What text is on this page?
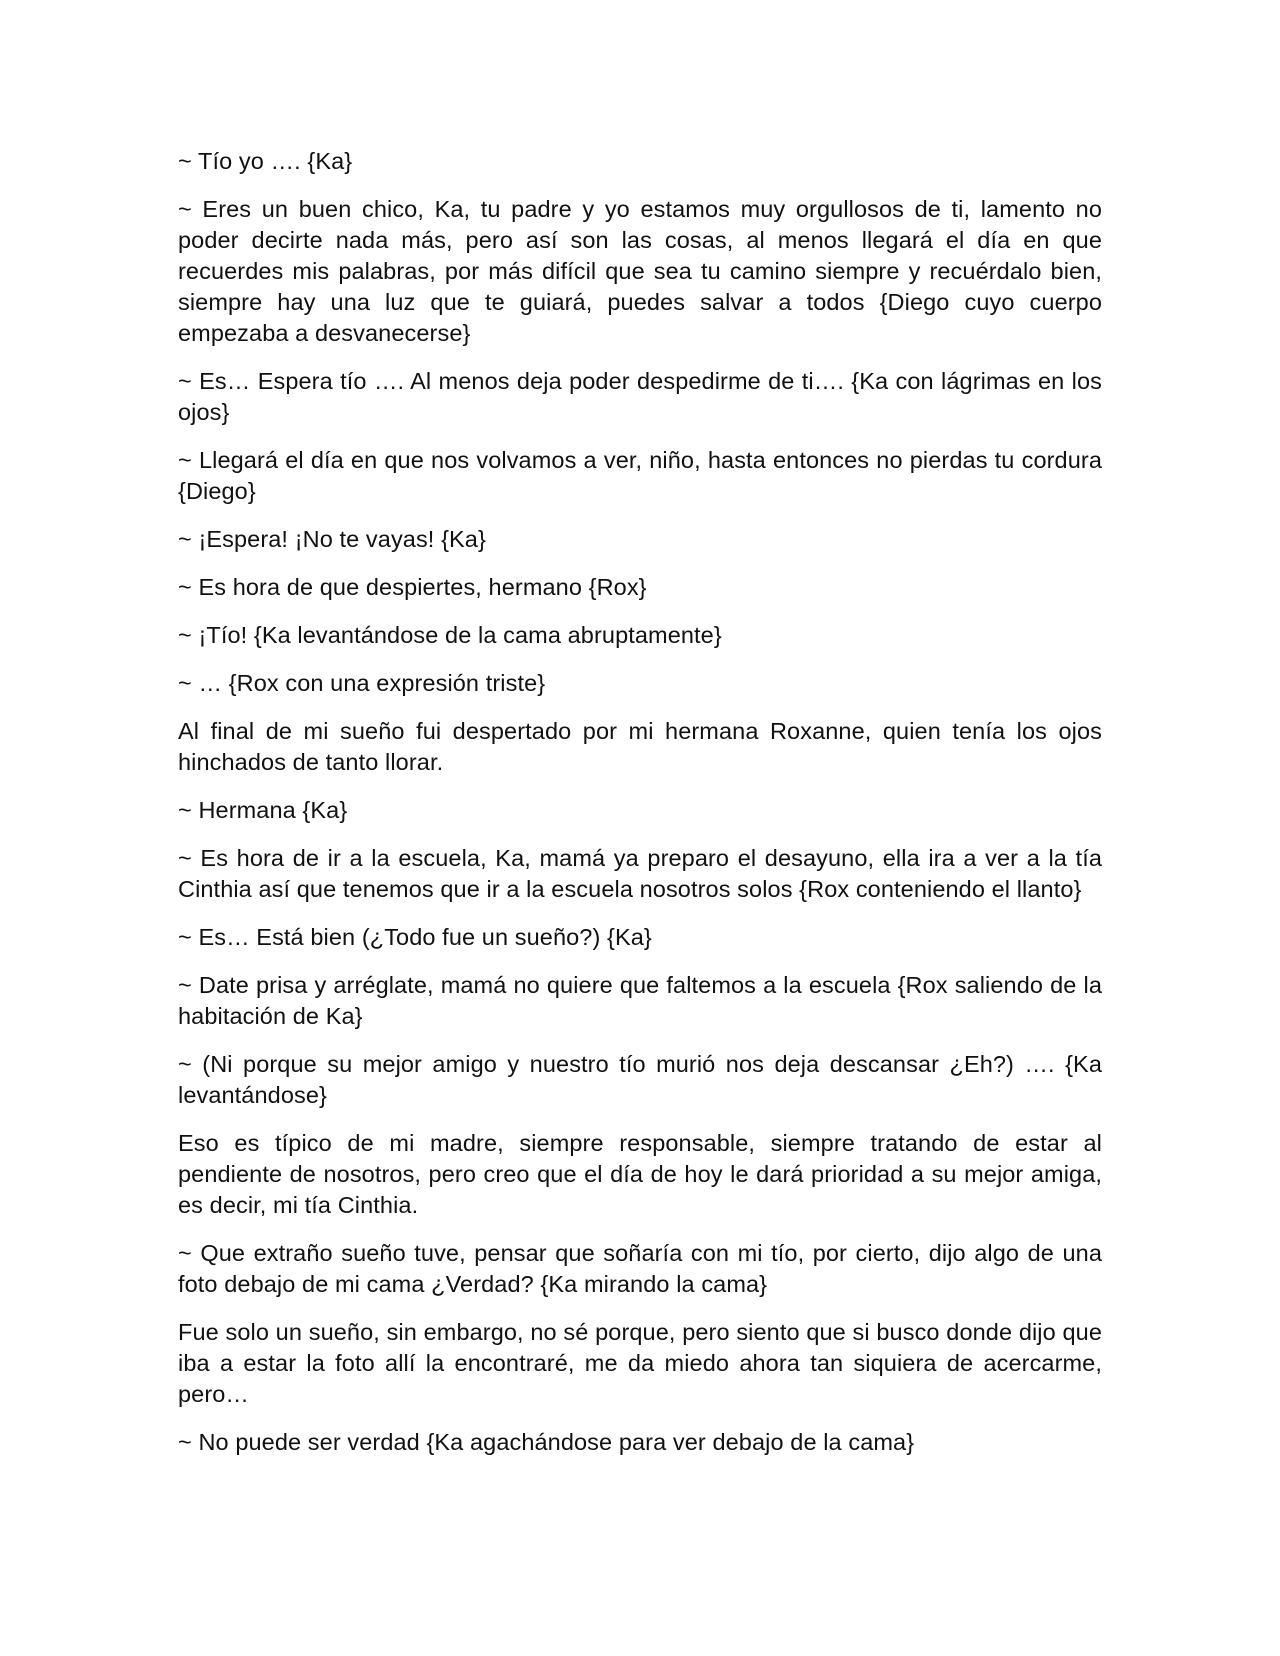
~ Tío yo …. {Ka}

~ Eres un buen chico, Ka, tu padre y yo estamos muy orgullosos de ti, lamento no poder decirte nada más, pero así son las cosas, al menos llegará el día en que recuerdes mis palabras, por más difícil que sea tu camino siempre y recuérdalo bien, siempre hay una luz que te guiará, puedes salvar a todos {Diego cuyo cuerpo empezaba a desvanecerse}

~ Es… Espera tío …. Al menos deja poder despedirme de ti…. {Ka con lágrimas en los ojos}

~ Llegará el día en que nos volvamos a ver, niño, hasta entonces no pierdas tu cordura {Diego}

~ ¡Espera! ¡No te vayas! {Ka}

~ Es hora de que despiertes, hermano {Rox}

~ ¡Tío! {Ka levantándose de la cama abruptamente}

~ … {Rox con una expresión triste}

Al final de mi sueño fui despertado por mi hermana Roxanne, quien tenía los ojos hinchados de tanto llorar.

~ Hermana {Ka}

~ Es hora de ir a la escuela, Ka, mamá ya preparo el desayuno, ella ira a ver a la tía Cinthia así que tenemos que ir a la escuela nosotros solos {Rox conteniendo el llanto}

~ Es… Está bien (¿Todo fue un sueño?) {Ka}

~ Date prisa y arréglate, mamá no quiere que faltemos a la escuela {Rox saliendo de la habitación de Ka}

~ (Ni porque su mejor amigo y nuestro tío murió nos deja descansar ¿Eh?) …. {Ka levantándose}

Eso es típico de mi madre, siempre responsable, siempre tratando de estar al pendiente de nosotros, pero creo que el día de hoy le dará prioridad a su mejor amiga, es decir, mi tía Cinthia.

~ Que extraño sueño tuve, pensar que soñaría con mi tío, por cierto, dijo algo de una foto debajo de mi cama ¿Verdad? {Ka mirando la cama}

Fue solo un sueño, sin embargo, no sé porque, pero siento que si busco donde dijo que iba a estar la foto allí la encontraré, me da miedo ahora tan siquiera de acercarme, pero…

~ No puede ser verdad {Ka agachándose para ver debajo de la cama}
